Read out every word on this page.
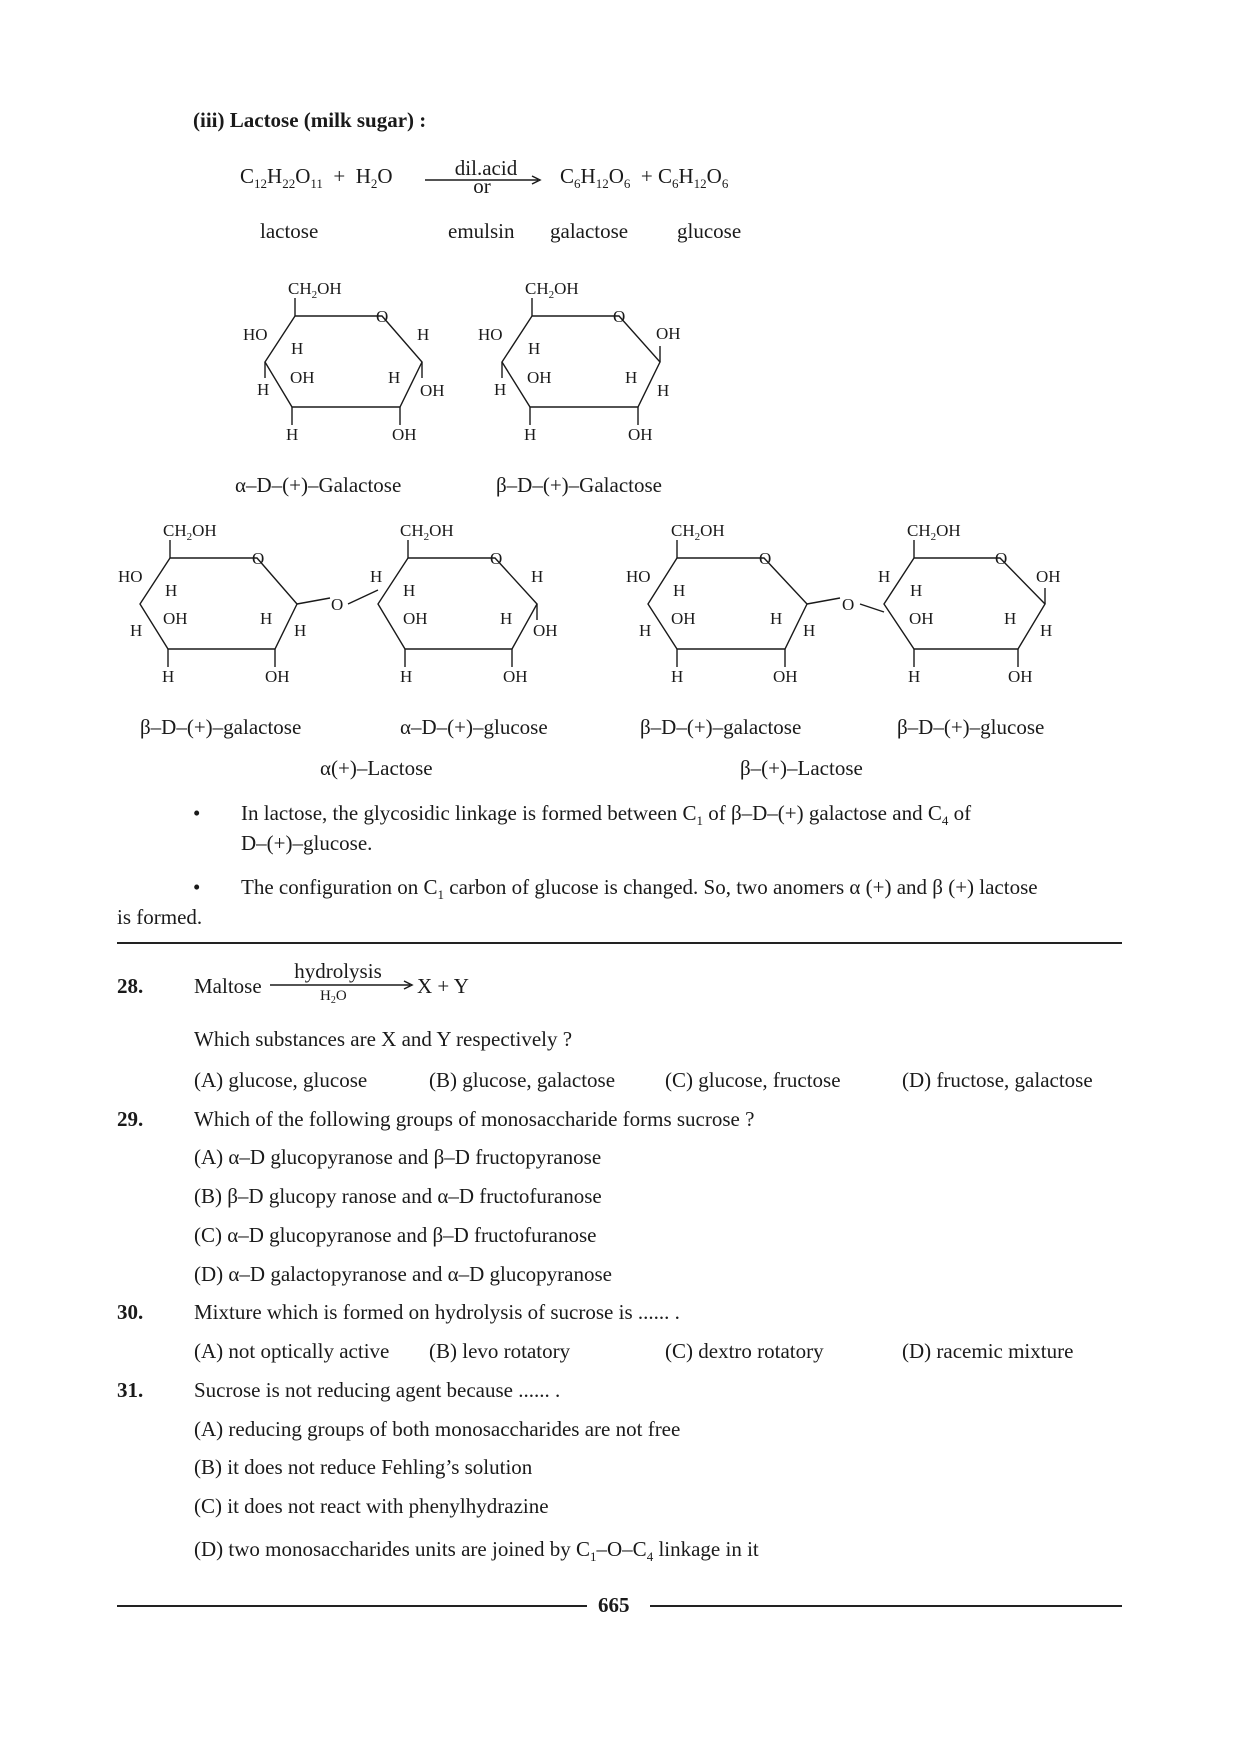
(iii) Lactose (milk sugar) :
$C_{12}H_{22}O_{11} + H_2O$	dil.acid
or	$C_6H_{12}O_6 + C_6H_{12}O_6$
lactose	emulsin galactose glucose
$CH_2OH$
O
H
OH
HO
H
H
OH	H
H	OH
$CH_2OH$
O
OH
H
HO
H
H
OH	H
H	OH
$CH_2OH$
O
HO
H
H
OH	H
H
H	OH
O
$CH_2OH$
O
H
H
H
OH	H
OH
H	OH
$CH_2OH$
O
HO
H
H
OH	H
H
H	OH
O
$CH_2OH$
O
H
H
OH
OH	H
H
H	OH
α–D–(+)–Galactose	β–D–(+)–Galactose
β–D–(+)–galactose	α–D–(+)–glucose	β–D–(+)–galactose	β–D–(+)–glucose
α(+)–Lactose	β–(+)–Lactose
• In lactose, the glycosidic linkage is formed between $C_1$ of β–D–(+) galactose and $C_4$ of
D–(+)–glucose.
• The configuration on $C_1$ carbon of glucose is changed. So, two anomers α (+) and β (+) lactose
is formed.
28. Maltose
hydrolysis
$H_2O$	X + Y
Which substances are X and Y respectively ?
(A) glucose, glucose	(B) glucose, galactose (C) glucose, fructose	(D) fructose, galactose
29. Which of the following groups of monosaccharide forms sucrose ?
(A) α–D glucopyranose and β–D fructopyranose
(B) β–D glucopy ranose and α–D fructofuranose
(C) α–D glucopyranose and β–D fructofuranose
(D) α–D galactopyranose and α–D glucopyranose
30. Mixture which is formed on hydrolysis of sucrose is ...... .
(A) not optically active (B) levo rotatory	(C) dextro rotatory	(D) racemic mixture
31. Sucrose is not reducing agent because ...... .
(A) reducing groups of both monosaccharides are not free
(B) it does not reduce Fehling’s solution
(C) it does not react with phenylhydrazine
(D) two monosaccharides units are joined by $C_1-O-C_4$ linkage in it
665
